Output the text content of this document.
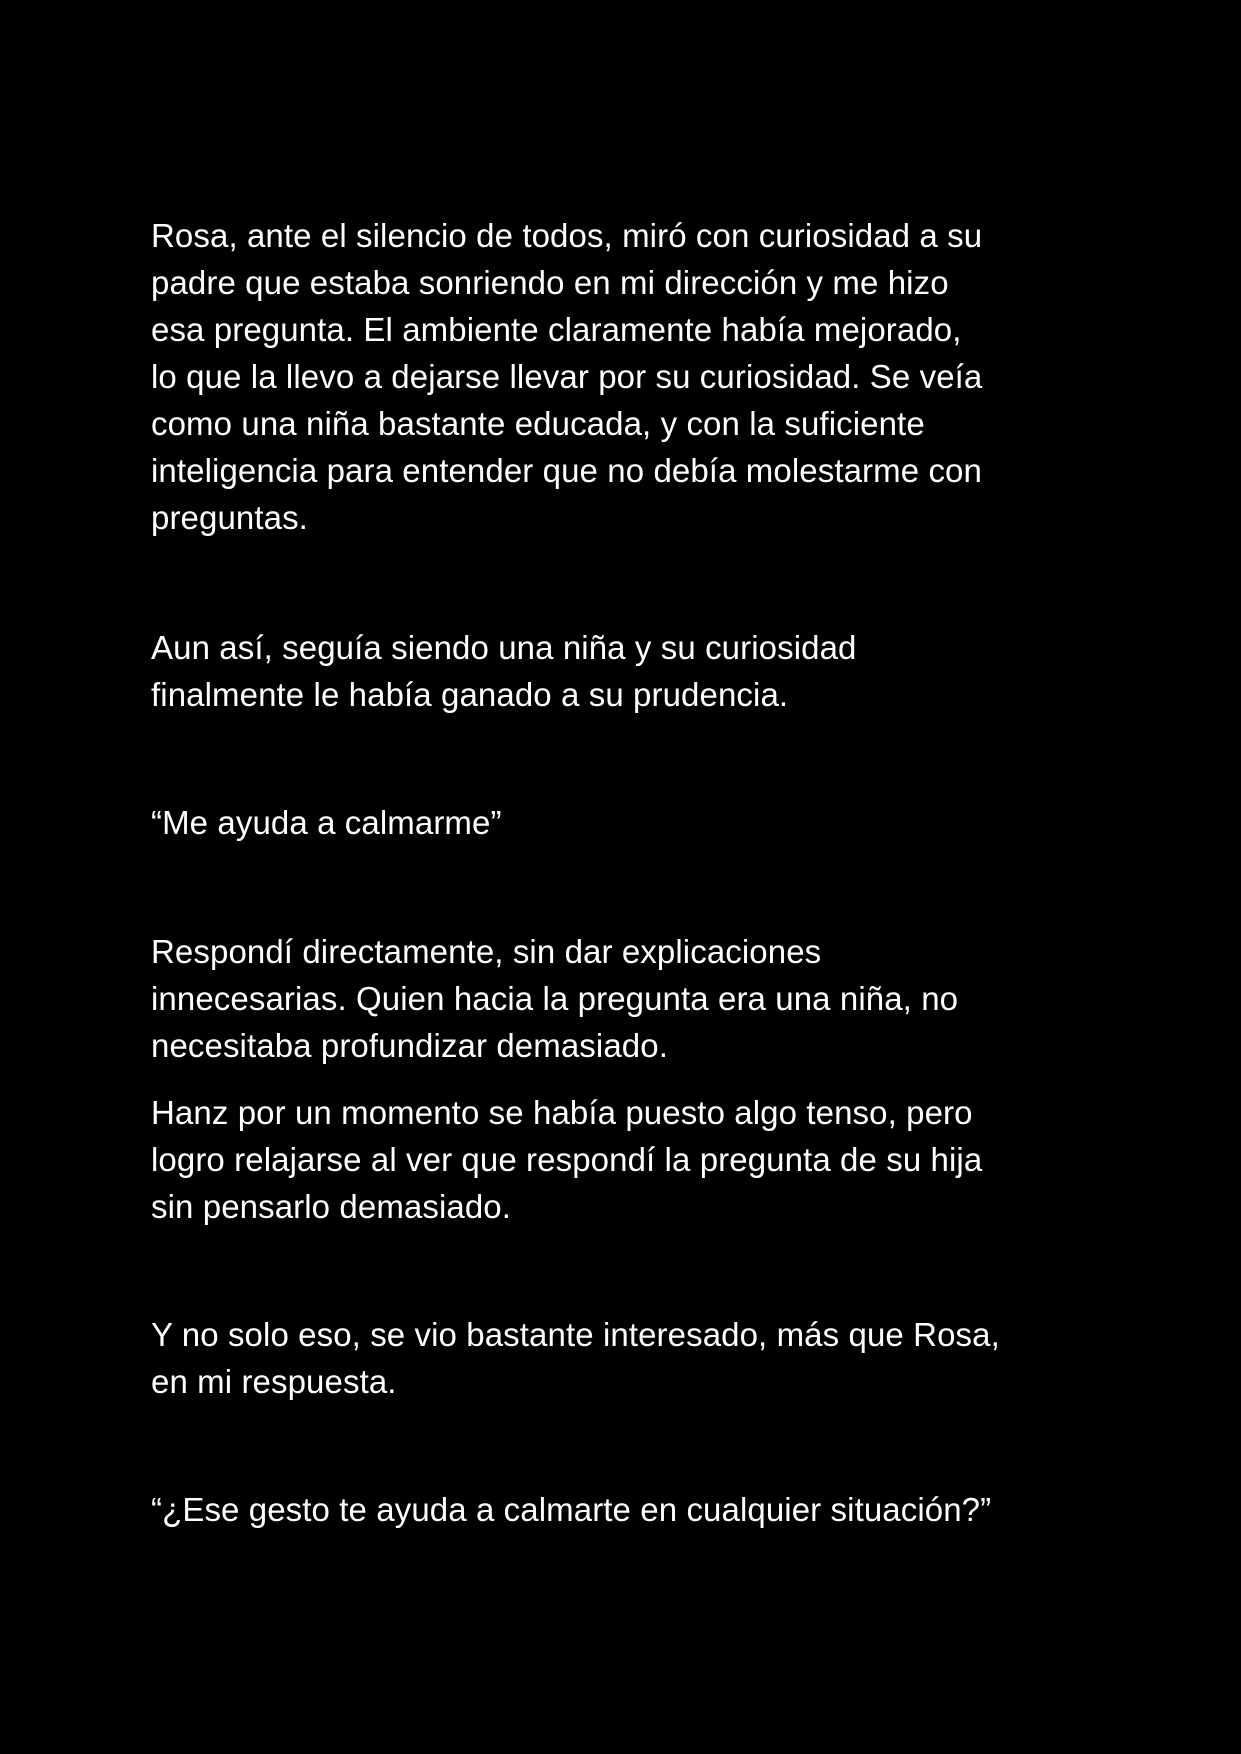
Rosa, ante el silencio de todos, miró con curiosidad a su
padre que estaba sonriendo en mi dirección y me hizo
esa pregunta. El ambiente claramente había mejorado,
lo que la llevo a dejarse llevar por su curiosidad. Se veía
como una niña bastante educada, y con la suficiente
inteligencia para entender que no debía molestarme con
preguntas.

Aun así, seguía siendo una niña y su curiosidad
finalmente le había ganado a su prudencia.

“Me ayuda a calmarme”

Respondí directamente, sin dar explicaciones
innecesarias. Quien hacia la pregunta era una niña, no
necesitaba profundizar demasiado.

Hanz por un momento se había puesto algo tenso, pero
logro relajarse al ver que respondí la pregunta de su hija
sin pensarlo demasiado.

Y no solo eso, se vio bastante interesado, más que Rosa,
en mi respuesta.

“¿Ese gesto te ayuda a calmarte en cualquier situación?”
